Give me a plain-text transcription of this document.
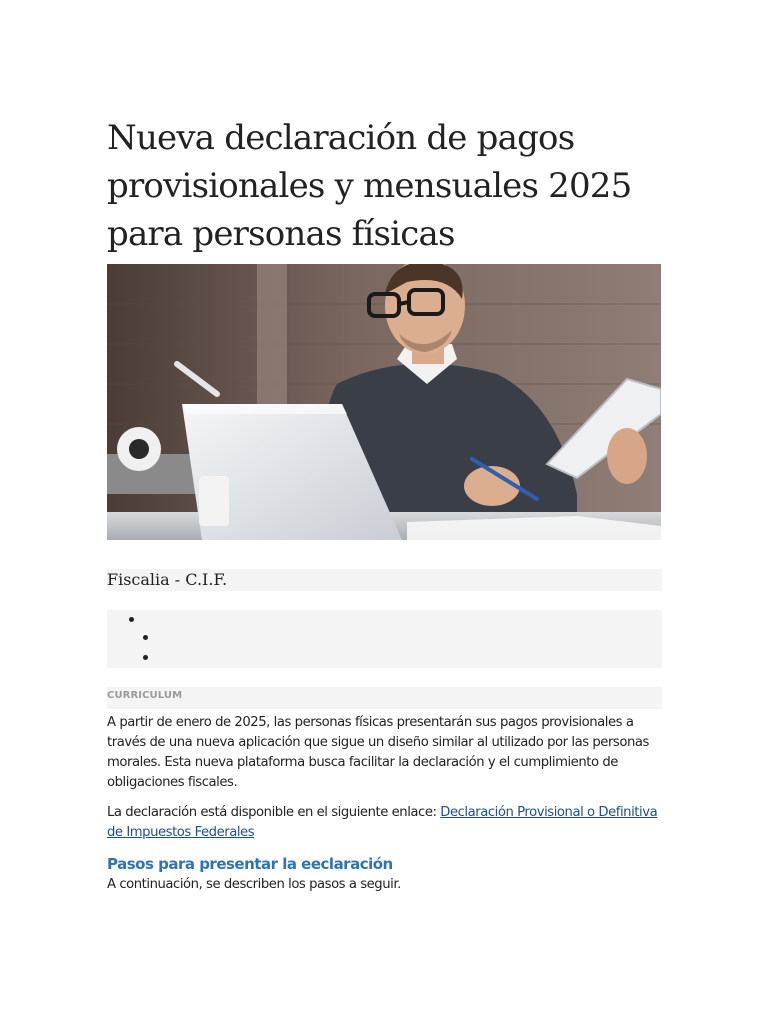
Nueva declaración de pagos provisionales y mensuales 2025 para personas físicas
Fiscalia - C.I.F.
CURRICULUM

A partir de enero de 2025, las personas físicas presentarán sus pagos provisionales a través de una nueva aplicación que sigue un diseño similar al utilizado por las personas morales. Esta nueva plataforma busca facilitar la declaración y el cumplimiento de obligaciones fiscales.

La declaración está disponible en el siguiente enlace: Declaración Provisional o Definitiva de Impuestos Federales

Pasos para presentar la eeclaración

A continuación, se describen los pasos a seguir.
